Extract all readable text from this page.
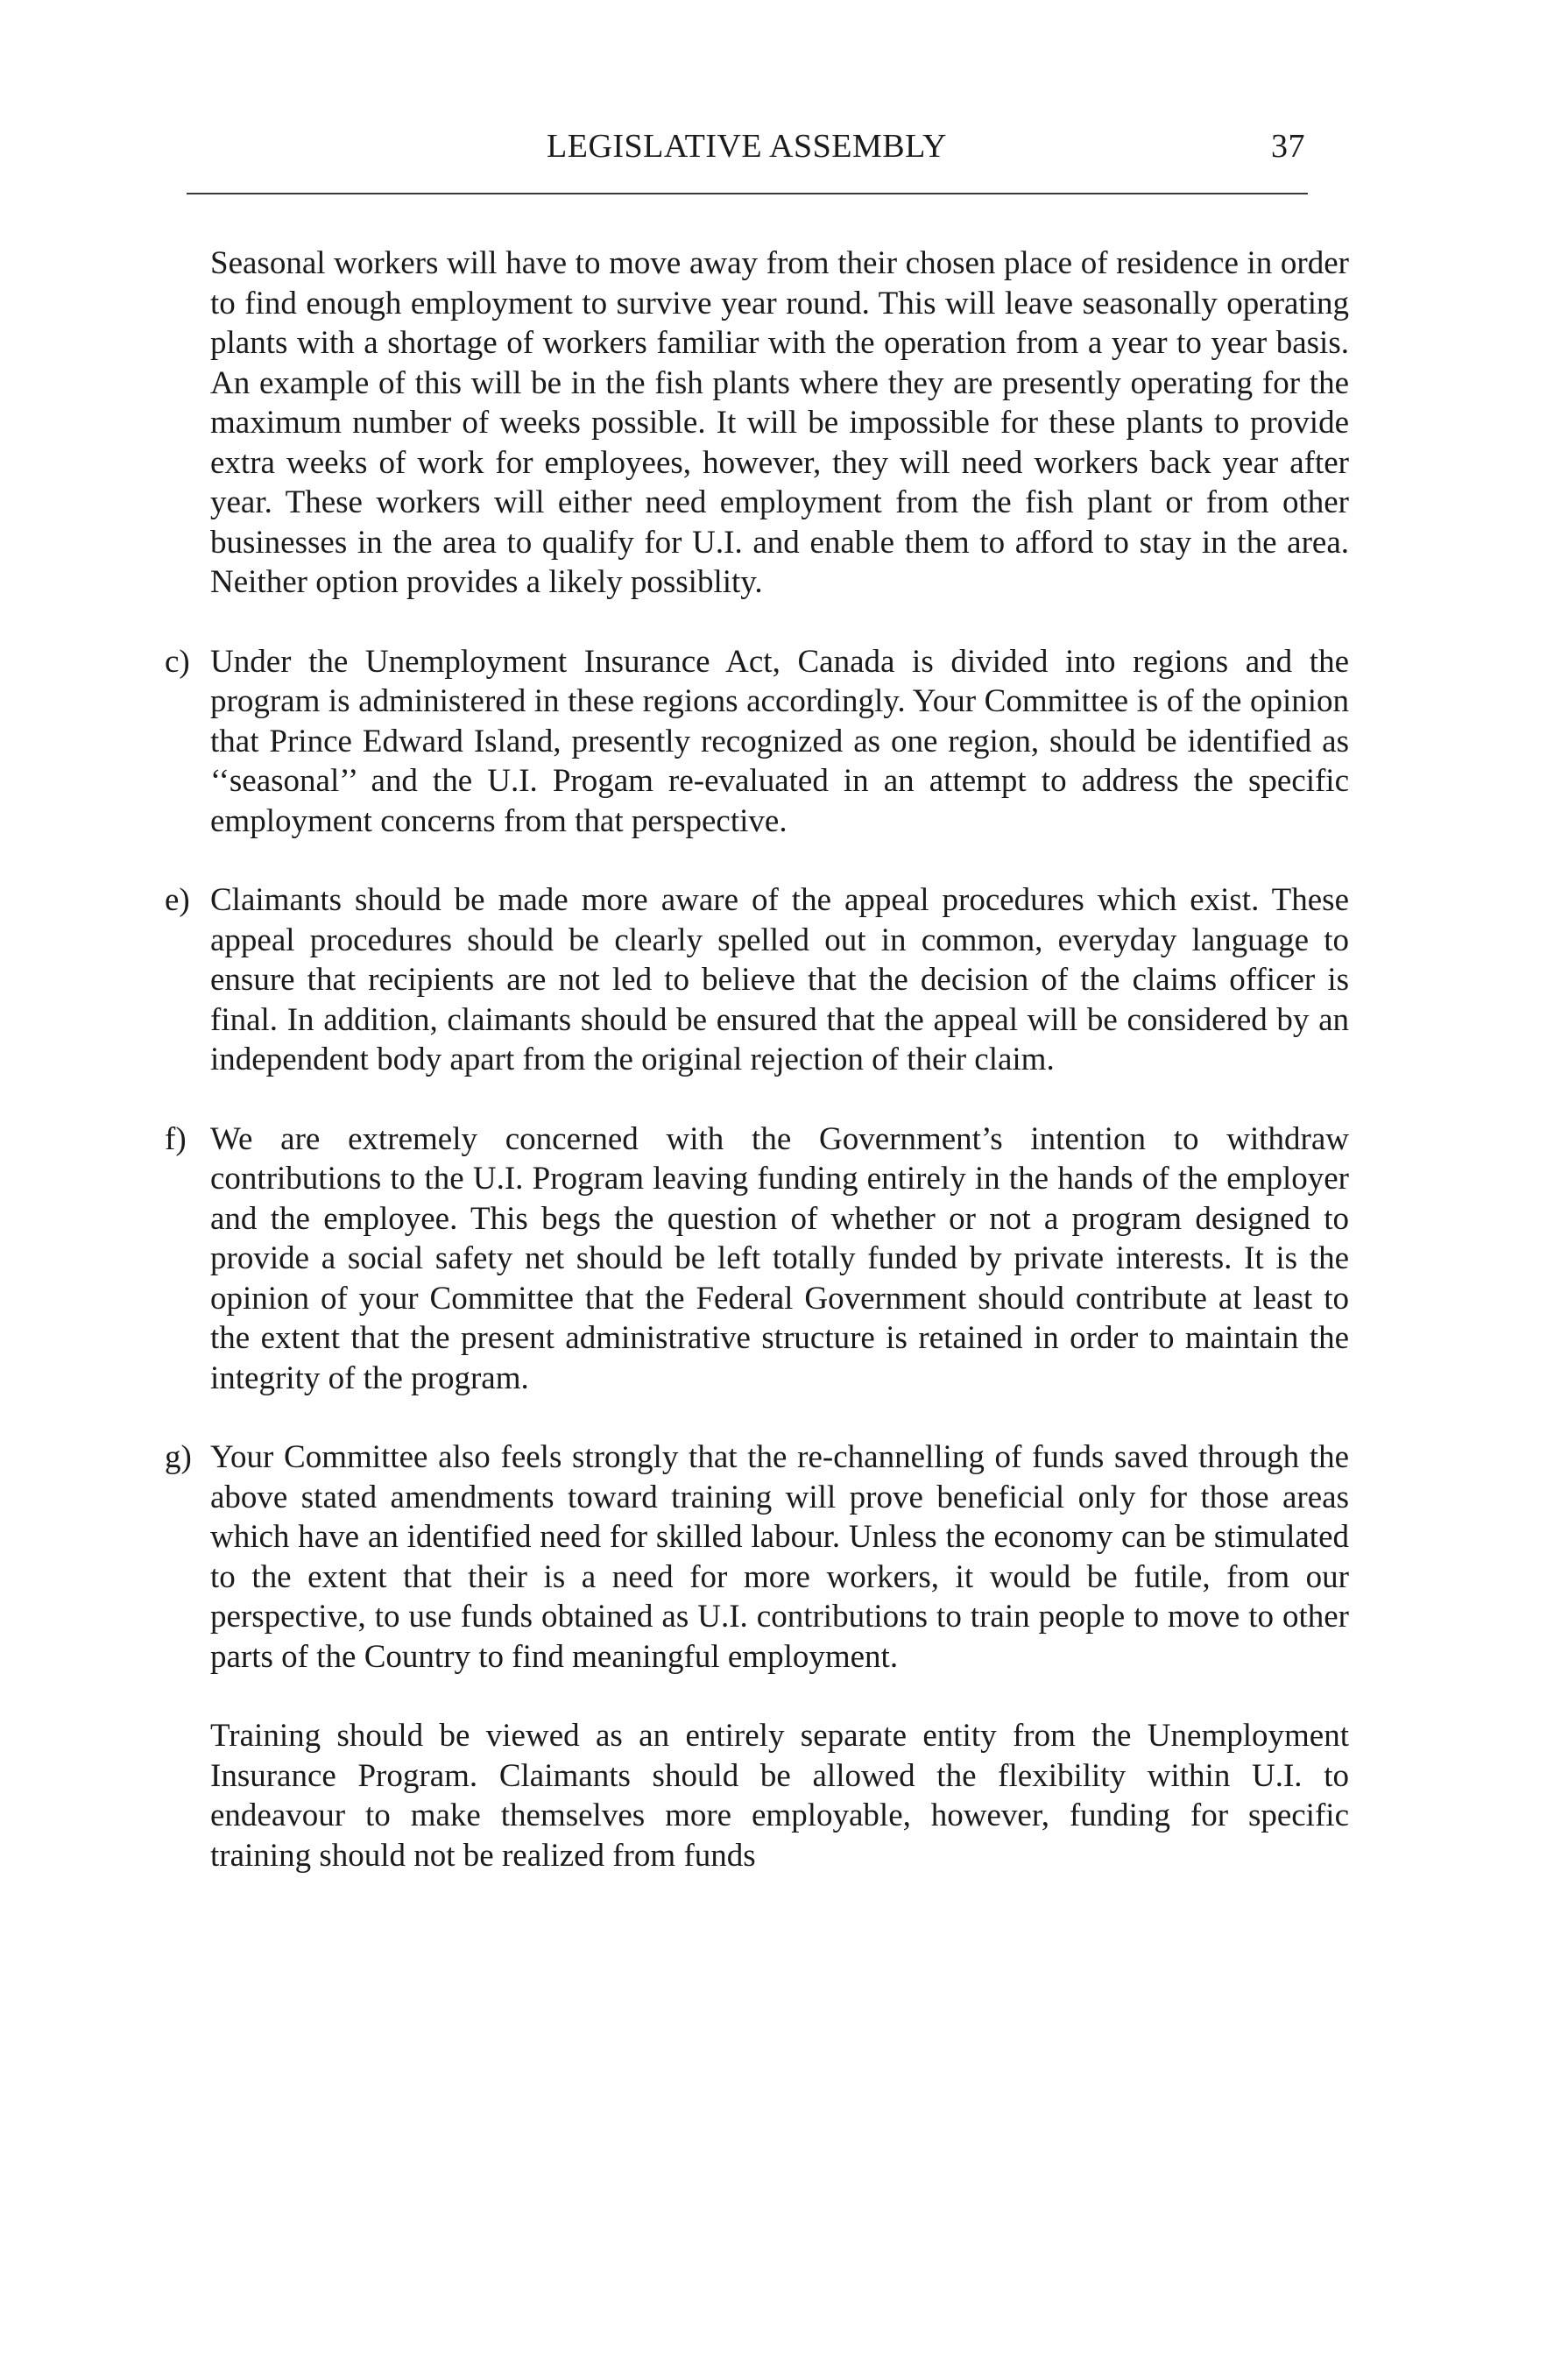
LEGISLATIVE ASSEMBLY	37

Seasonal workers will have to move away from their chosen place of residence in order to find enough employment to survive year round. This will leave seasonally operating plants with a shortage of workers familiar with the operation from a year to year basis. An example of this will be in the fish plants where they are presently operating for the maximum number of weeks possible. It will be impossible for these plants to provide extra weeks of work for employees, however, they will need workers back year after year. These workers will either need employment from the fish plant or from other businesses in the area to qualify for U.I. and enable them to afford to stay in the area. Neither option provides a likely possiblity.

c) Under the Unemployment Insurance Act, Canada is divided into regions and the program is administered in these regions accordingly. Your Committee is of the opinion that Prince Edward Island, presently recognized as one region, should be identified as ‘‘seasonal’’ and the U.I. Progam re-evaluated in an attempt to address the specific employment concerns from that perspective.

e) Claimants should be made more aware of the appeal procedures which exist. These appeal procedures should be clearly spelled out in common, everyday language to ensure that recipients are not led to believe that the decision of the claims officer is final. In addition, claimants should be ensured that the appeal will be considered by an independent body apart from the original rejection of their claim.

f) We are extremely concerned with the Government’s intention to withdraw contributions to the U.I. Program leaving funding entirely in the hands of the employer and the employee. This begs the question of whether or not a program designed to provide a social safety net should be left totally funded by private interests. It is the opinion of your Committee that the Federal Government should contribute at least to the extent that the present administrative structure is retained in order to maintain the integrity of the program.

g) Your Committee also feels strongly that the re-channelling of funds saved through the above stated amendments toward training will prove beneficial only for those areas which have an identified need for skilled labour. Unless the economy can be stimulated to the extent that their is a need for more workers, it would be futile, from our perspective, to use funds obtained as U.I. contributions to train people to move to other parts of the Country to find meaningful employment.

Training should be viewed as an entirely separate entity from the Unemployment Insurance Program. Claimants should be allowed the flexibility within U.I. to endeavour to make themselves more employable, however, funding for specific training should not be realized from funds
